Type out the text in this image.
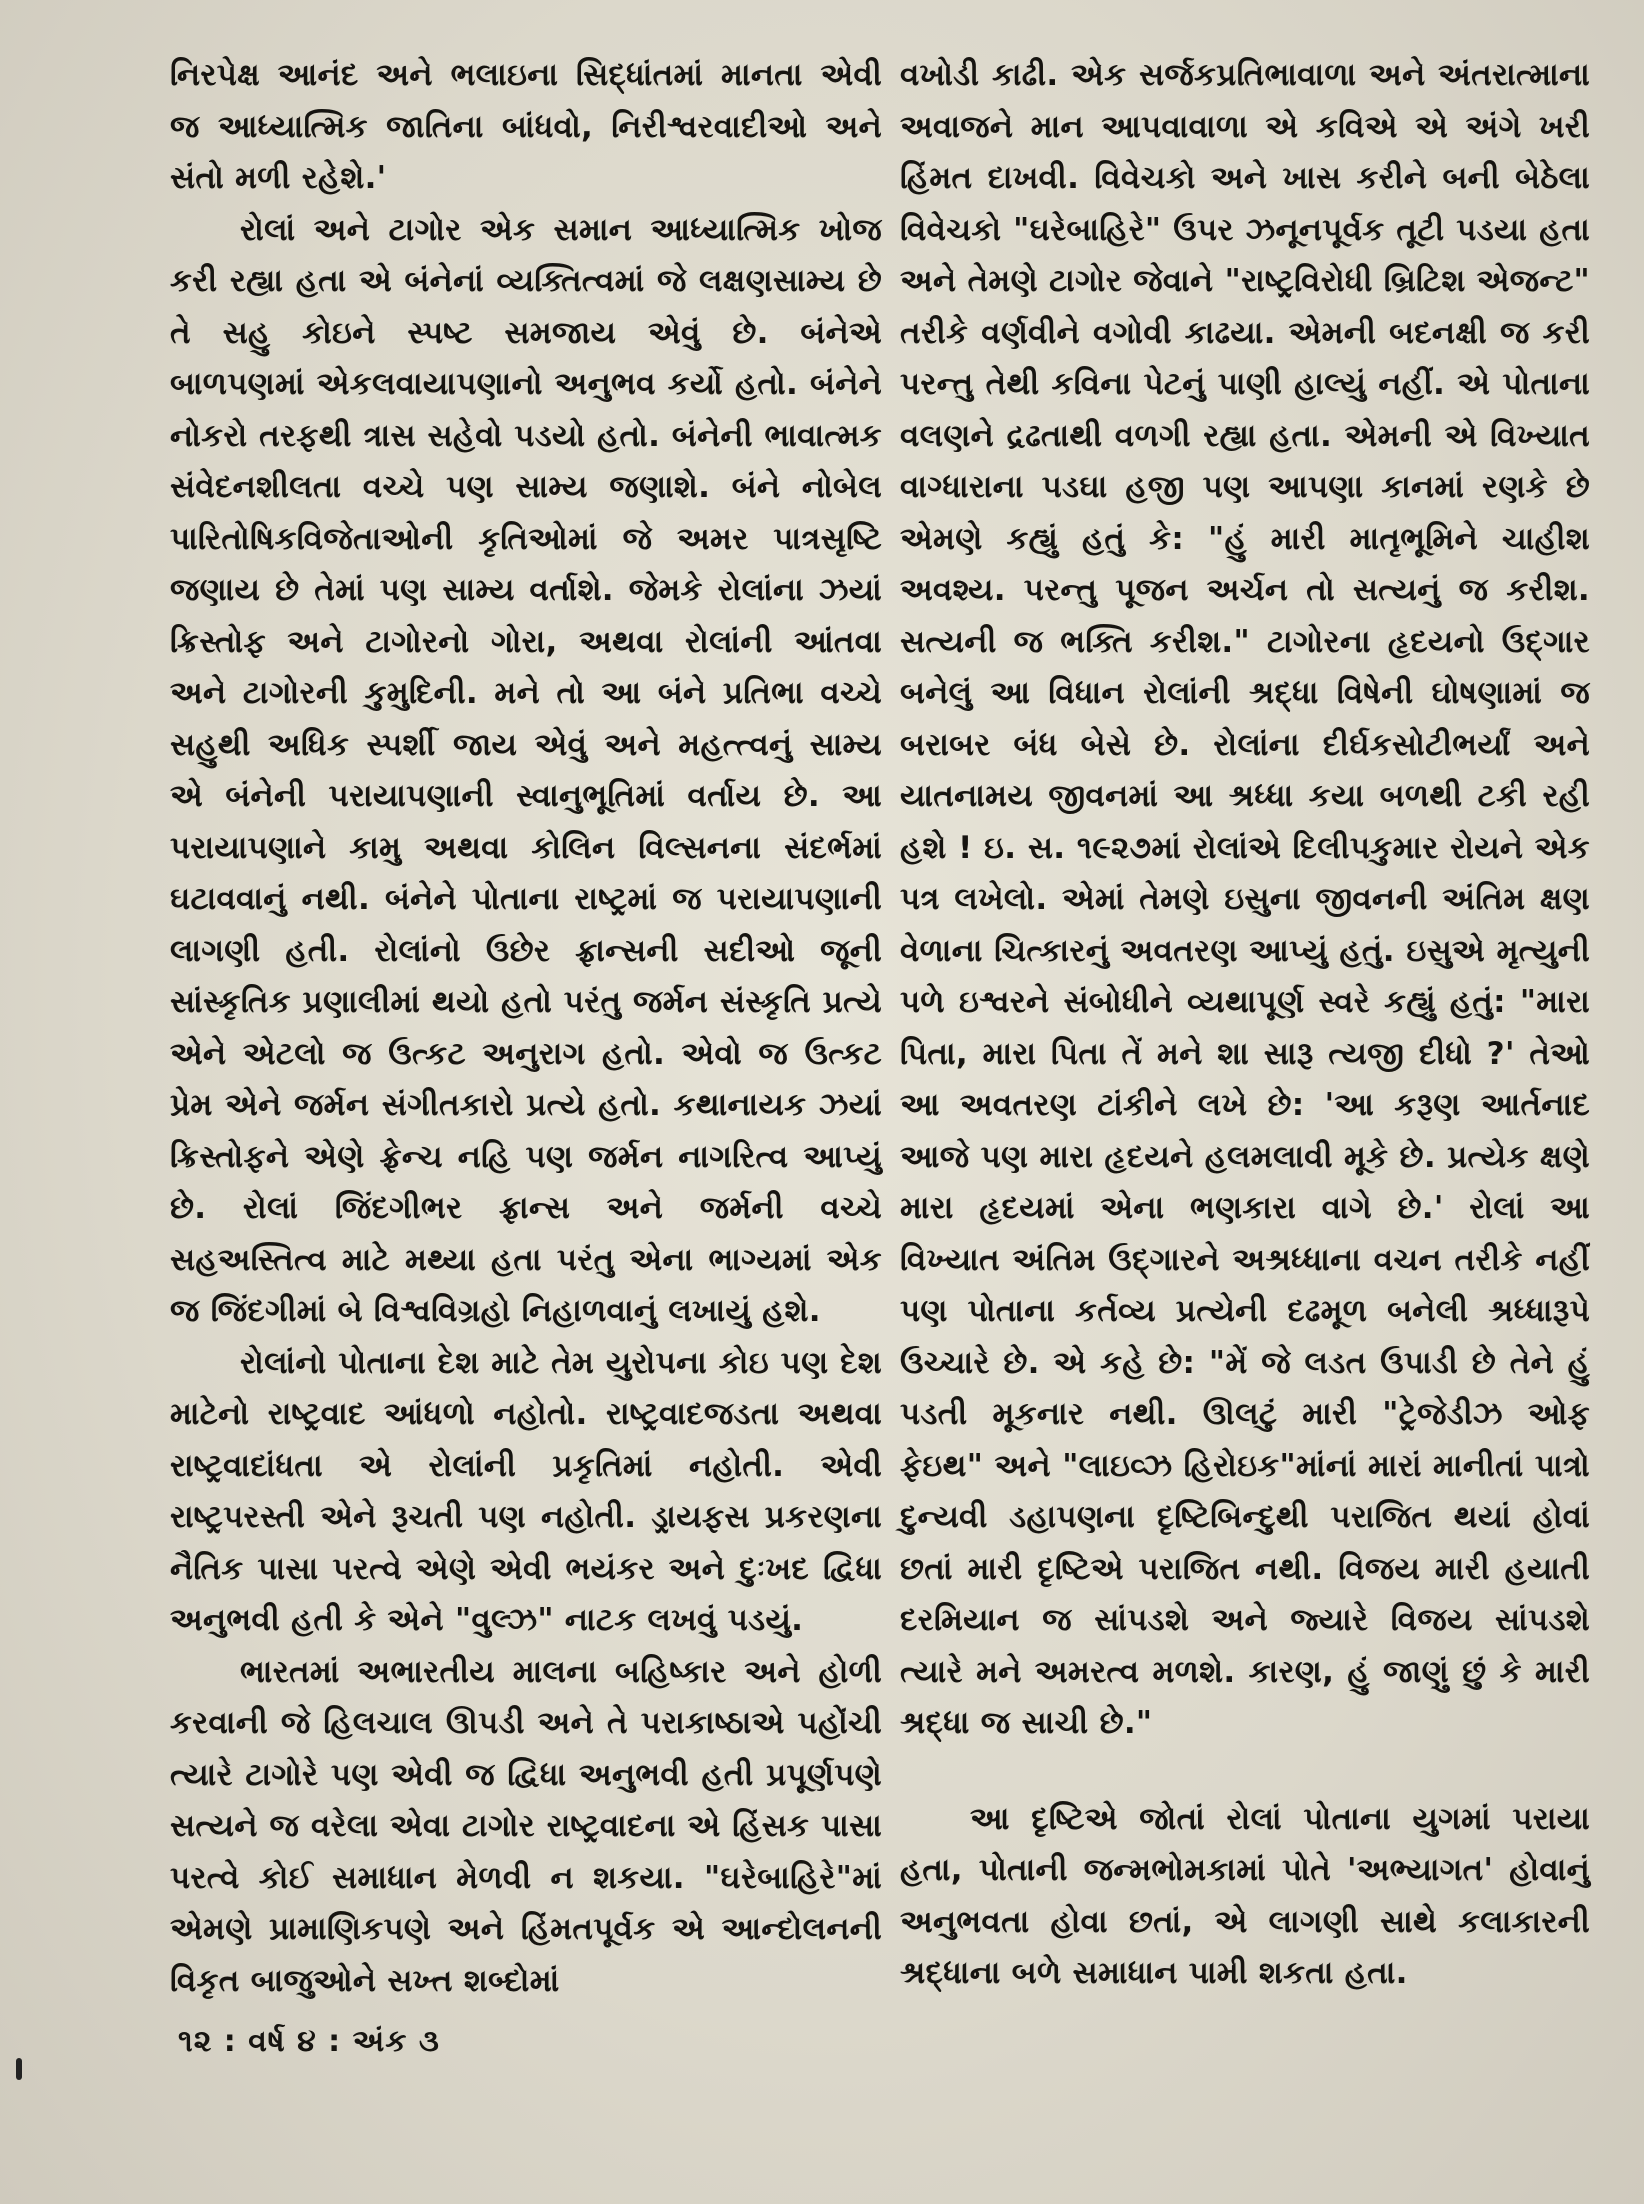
નિરપેક્ષ આનંદ અને ભલાઇના સિદ્ધાંતમાં માનતા એવી જ આધ્યાત્મિક જાતિના બાંધવો, નિરીશ્વરવાદીઓ અને સંતો મળી રહેશે.'

રોલાં અને ટાગોર એક સમાન આધ્યાત્મિક ખોજ કરી રહ્યા હતા એ બંનેનાં વ્યક્તિત્વમાં જે લક્ષણસામ્ય છે તે સહુ કોઇને સ્પષ્ટ સમજાય એવું છે. બંનેએ બાળપણમાં એકલવાયાપણાનો અનુભવ કર્યો હતો. બંનેને નોકરો તરફથી ત્રાસ સહેવો પડયો હતો. બંનેની ભાવાત્મક સંવેદનશીલતા વચ્ચે પણ સામ્ય જણાશે. બંને નોબેલ પારિતોષિકવિજેતાઓની કૃતિઓમાં જે અમર પાત્રસૃષ્ટિ જણાય છે તેમાં પણ સામ્ય વર્તાશે. જેમકે રોલાંના ઝયાં ક્રિસ્તોફ અને ટાગોરનો ગોરા, અથવા રોલાંની આંતવા અને ટાગોરની કુમુદિની. મને તો આ બંને પ્રતિભા વચ્ચે સહુથી અધિક સ્પર્શી જાય એવું અને મહત્ત્વનું સામ્ય એ બંનેની પરાયાપણાની સ્વાનુભૂતિમાં વર્તાય છે. આ પરાયાપણાને કામુ અથવા કોલિન વિલ્સનના સંદર્ભમાં ઘટાવવાનું નથી. બંનેને પોતાના રાષ્ટ્રમાં જ પરાયાપણાની લાગણી હતી. રોલાંનો ઉછેર ફ્રાન્સની સદીઓ જૂની સાંસ્કૃતિક પ્રણાલીમાં થયો હતો પરંતુ જર્મન સંસ્કૃતિ પ્રત્યે એને એટલો જ ઉત્કટ અનુરાગ હતો. એવો જ ઉત્કટ પ્રેમ એને જર્મન સંગીતકારો પ્રત્યે હતો. કથાનાયક ઝયાં ક્રિસ્તોફને એણે ફ્રેન્ચ નહિ પણ જર્મન નાગરિત્વ આપ્યું છે. રોલાં જિંદગીભર ફ્રાન્સ અને જર્મની વચ્ચે સહઅસ્તિત્વ માટે મથ્યા હતા પરંતુ એના ભાગ્યમાં એક જ જિંદગીમાં બે વિશ્વવિગ્રહો નિહાળવાનું લખાયું હશે.

રોલાંનો પોતાના દેશ માટે તેમ યુરોપના કોઇ પણ દેશ માટેનો રાષ્ટ્રવાદ આંધળો નહોતો. રાષ્ટ્રવાદજડતા અથવા રાષ્ટ્રવાદાંધતા એ રોલાંની પ્રકૃતિમાં નહોતી. એવી રાષ્ટ્રપરસ્તી એને રૂચતી પણ નહોતી. ડ્રાયફસ પ્રકરણના નૈતિક પાસા પરત્વે એણે એવી ભયંકર અને દુઃખદ દ્વિધા અનુભવી હતી કે એને "વુલ્ઝ" નાટક લખવું પડયું.

ભારતમાં અભારતીય માલના બહિષ્કાર અને હોળી કરવાની જે હિલચાલ ઊપડી અને તે પરાકાષ્ઠાએ પહોંચી ત્યારે ટાગોરે પણ એવી જ દ્વિધા અનુભવી હતી પ્રપૂર્ણપણે સત્યને જ વરેલા એવા ટાગોર રાષ્ટ્રવાદના એ હિંસક પાસા પરત્વે કોઈ સમાધાન મેળવી ન શકયા. "ઘરેબાહિરે"માં એમણે પ્રામાણિકપણે અને હિંમતપૂર્વક એ આન્દોલનની વિકૃત બાજુઓને સખ્ત શબ્દોમાં

વખોડી કાઢી. એક સર્જકપ્રતિભાવાળા અને અંતરાત્માના અવાજને માન આપવાવાળા એ કવિએ એ અંગે ખરી હિંમત દાખવી. વિવેચકો અને ખાસ કરીને બની બેઠેલા વિવેચકો "ઘરેબાહિરે" ઉપર ઝનૂનપૂર્વક તૂટી પડયા હતા અને તેમણે ટાગોર જેવાને "રાષ્ટ્રવિરોધી બ્રિટિશ એજન્ટ" તરીકે વર્ણવીને વગોવી કાઢયા. એમની બદનક્ષી જ કરી પરન્તુ તેથી કવિના પેટનું પાણી હાલ્યું નહીં. એ પોતાના વલણને દ્રઢતાથી વળગી રહ્યા હતા. એમની એ વિખ્યાત વાગ્ધારાના પડઘા હજી પણ આપણા કાનમાં રણકે છે એમણે કહ્યું હતું કે: "હું મારી માતૃભૂમિને ચાહીશ અવશ્ય. પરન્તુ પૂજન અર્ચન તો સત્યનું જ કરીશ. સત્યની જ ભક્તિ કરીશ." ટાગોરના હૃદયનો ઉદ્ગાર બનેલું આ વિધાન રોલાંની શ્રદ્ધા વિષેની ઘોષણામાં જ બરાબર બંધ બેસે છે. રોલાંના દીર્ઘકસોટીભર્યાં અને યાતનામય જીવનમાં આ શ્રધ્ધા કયા બળથી ટકી રહી હશે ! ઇ. સ. ૧૯૨૭માં રોલાંએ દિલીપકુમાર રોયને એક પત્ર લખેલો. એમાં તેમણે ઇસુના જીવનની અંતિમ ક્ષણ વેળાના ચિત્કારનું અવતરણ આપ્યું હતું. ઇસુએ મૃત્યુની પળે ઇશ્વરને સંબોધીને વ્યથાપૂર્ણ સ્વરે કહ્યું હતું: "મારા પિતા, મારા પિતા તેં મને શા સારૂ ત્યજી દીધો ?' તેઓ આ અવતરણ ટાંકીને લખે છે: 'આ કરૂણ આર્તનાદ આજે પણ મારા હૃદયને હલમલાવી મૂકે છે. પ્રત્યેક ક્ષણે મારા હૃદયમાં એના ભણકારા વાગે છે.' રોલાં આ વિખ્યાત અંતિમ ઉદ્ગારને અશ્રધ્ધાના વચન તરીકે નહીં પણ પોતાના કર્તવ્ય પ્રત્યેની દઢમૂળ બનેલી શ્રધ્ધારૂપે ઉચ્ચારે છે. એ કહે છે: "મેં જે લડત ઉપાડી છે તેને હું પડતી મૂકનાર નથી. ઊલટું મારી "ટ્રેજેડીઝ ઓફ ફેઇથ" અને "લાઇવ્ઝ હિરોઇક"માંનાં મારાં માનીતાં પાત્રો દુન્યવી ડહાપણના દૃષ્ટિબિન્દુથી પરાજિત થયાં હોવાં છતાં મારી દૃષ્ટિએ પરાજિત નથી. વિજય મારી હયાતી દરમિયાન જ સાંપડશે અને જ્યારે વિજય સાંપડશે ત્યારે મને અમરત્વ મળશે. કારણ, હું જાણું છું કે મારી શ્રદ્ધા જ સાચી છે."

આ દૃષ્ટિએ જોતાં રોલાં પોતાના યુગમાં પરાયા હતા, પોતાની જન્મભોમકામાં પોતે 'અભ્યાગત' હોવાનું અનુભવતા હોવા છતાં, એ લાગણી સાથે કલાકારની શ્રદ્ધાના બળે સમાધાન પામી શકતા હતા.

૧૨ : વર્ષ ૪ : અંક ૩
